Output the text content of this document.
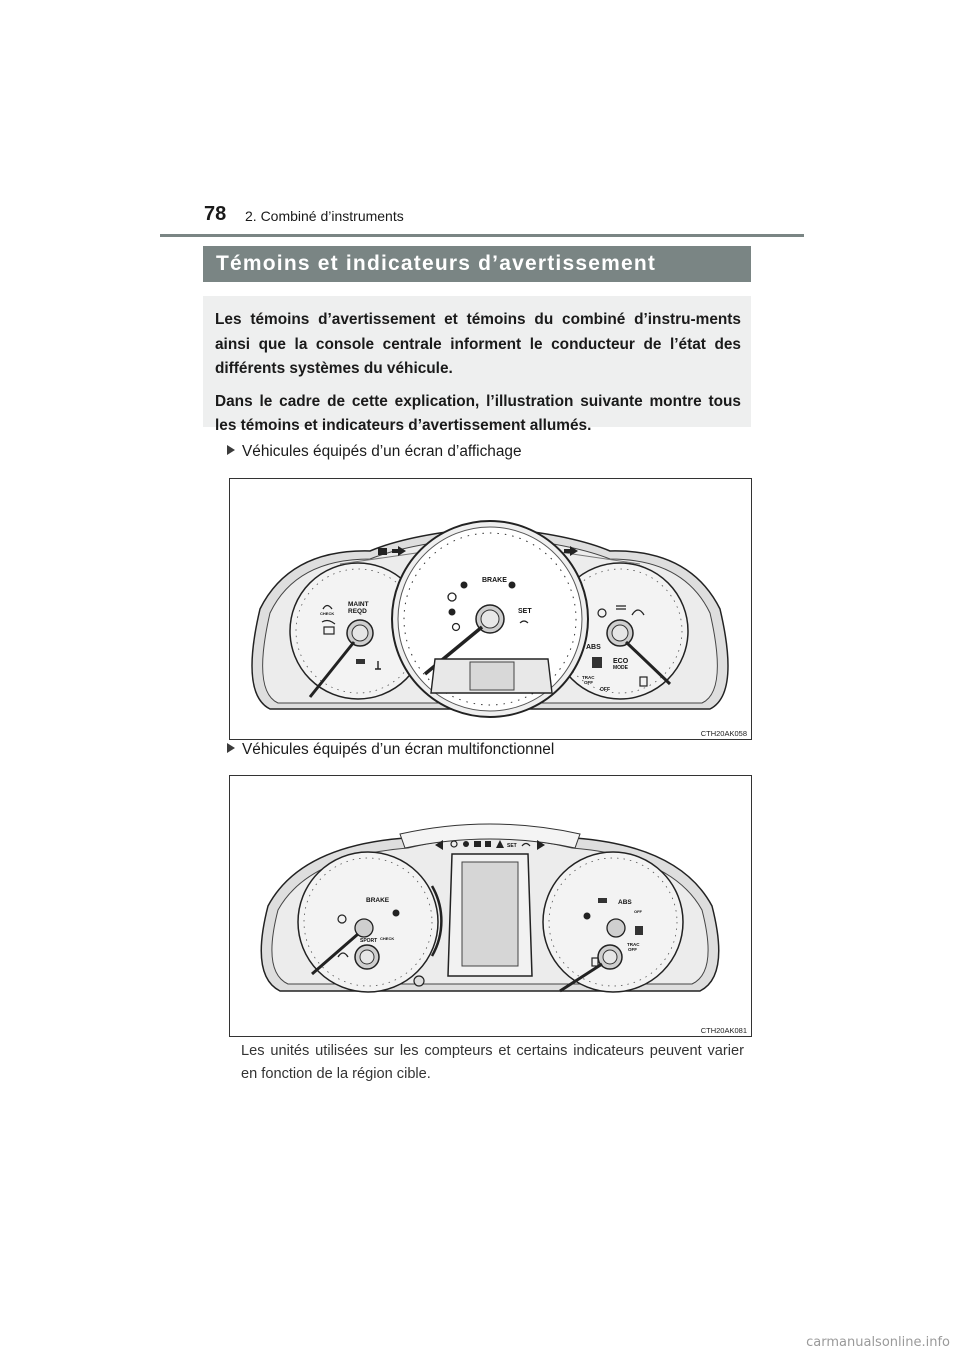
78 2. Combiné d’instruments
Témoins et indicateurs d’avertissement

Les témoins d’avertissement et témoins du combiné d’instru-ments ainsi que la console centrale informent le conducteur de l’état des différents systèmes du véhicule.

Dans le cadre de cette explication, l’illustration suivante montre tous les témoins et indicateurs d’avertissement allumés.

Véhicules équipés d’un écran d’affichage
MAINT
REQD
CHECK
ABS
ECO
MODE
TRAC
OFF
OFF
BRAKE
SET
CTH20AK058
Véhicules équipés d’un écran multifonctionnel
BRAKE
CHECK
SPORT
ABS
OFF
TRAC
OFF
SET
CTH20AK081
Les unités utilisées sur les compteurs et certains indicateurs peuvent varier en fonction de la région cible.
carmanualsonline.info
